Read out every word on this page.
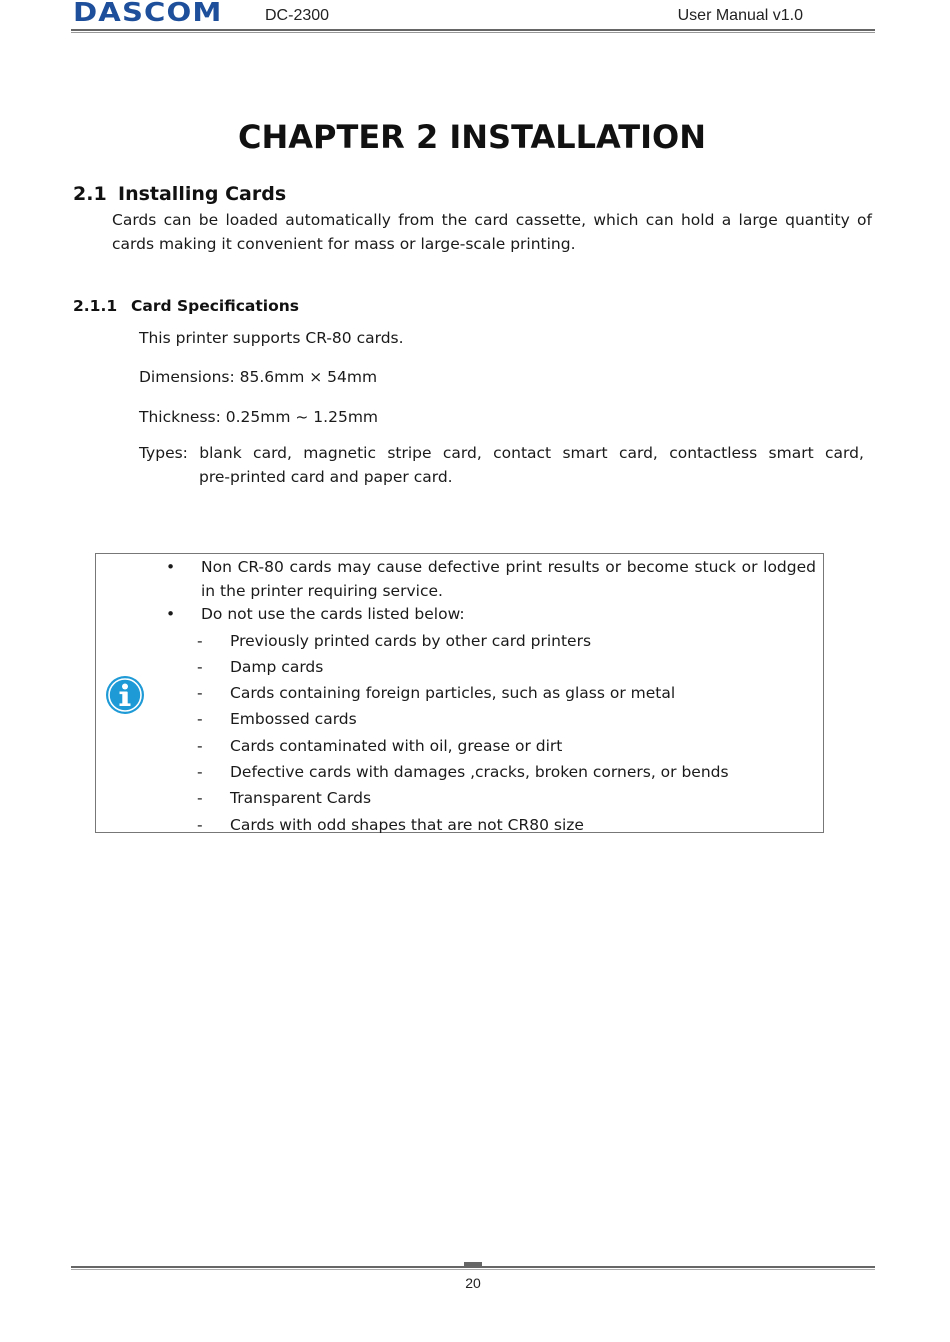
DASCOM	DC-2300	User Manual v1.0
CHAPTER 2 INSTALLATION
2.1 Installing Cards
Cards can be loaded automatically from the card cassette, which can hold a large quantity of cards making it convenient for mass or large-scale printing.
2.1.1 Card Specifications
This printer supports CR-80 cards.
Dimensions: 85.6mm × 54mm
Thickness: 0.25mm ~ 1.25mm
Types: blank card, magnetic stripe card, contact smart card, contactless smart card,
pre-printed card and paper card.
• Non CR-80 cards may cause defective print results or become stuck or lodged in the printer requiring service.
• Do not use the cards listed below:
- Previously printed cards by other card printers
- Damp cards
- Cards containing foreign particles, such as glass or metal
- Embossed cards
- Cards contaminated with oil, grease or dirt
- Defective cards with damages ,cracks, broken corners, or bends
- Transparent Cards
- Cards with odd shapes that are not CR80 size
20
